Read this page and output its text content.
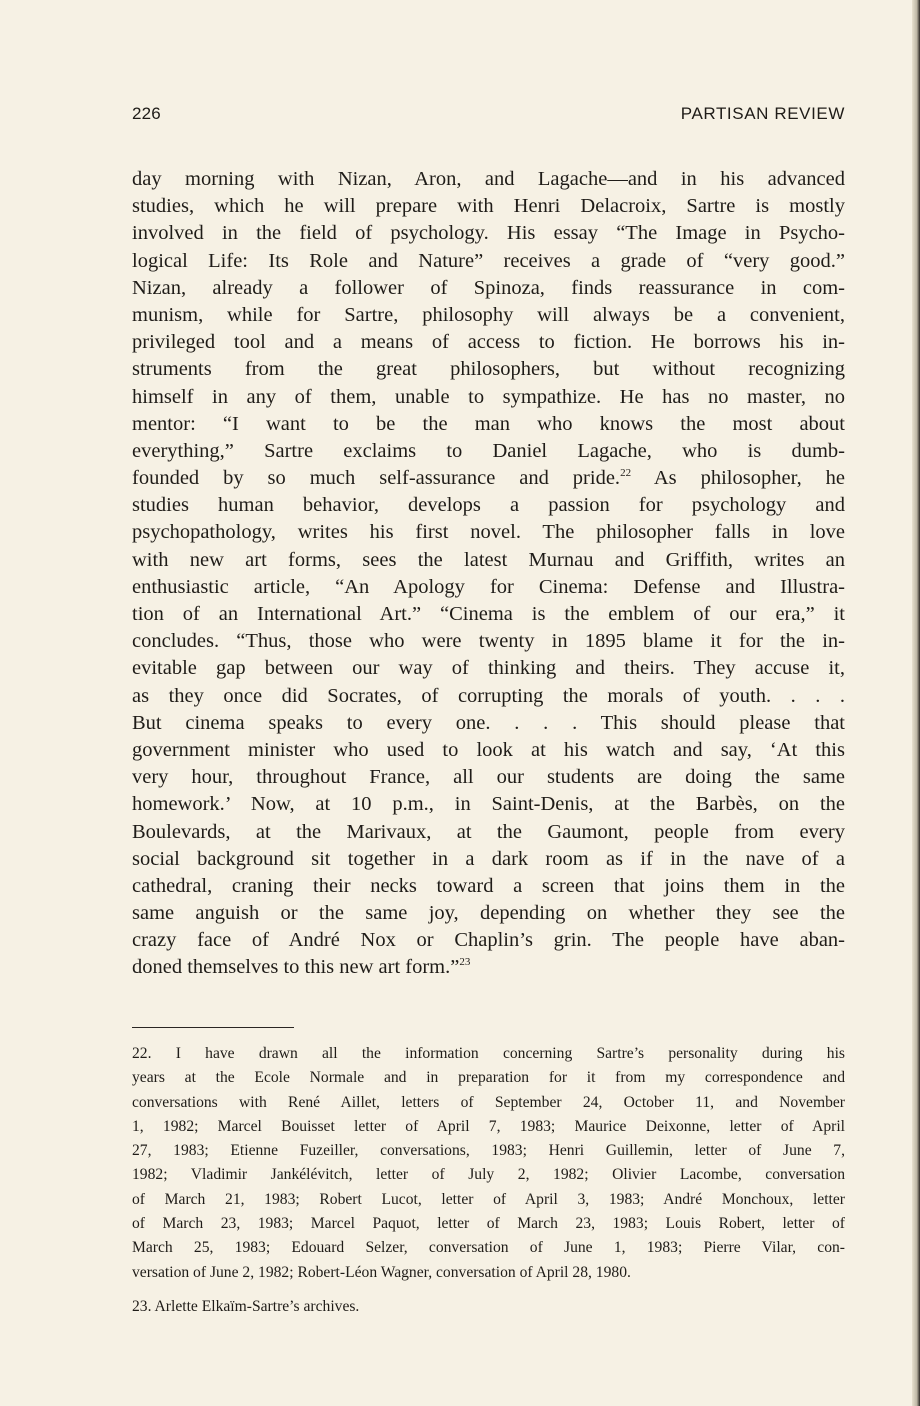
226	PARTISAN REVIEW
day morning with Nizan, Aron, and Lagache—and in his advanced
studies, which he will prepare with Henri Delacroix, Sartre is mostly
involved in the field of psychology. His essay “The Image in Psycho-
logical Life: Its Role and Nature” receives a grade of “very good.”
Nizan, already a follower of Spinoza, finds reassurance in com-
munism, while for Sartre, philosophy will always be a convenient,
privileged tool and a means of access to fiction. He borrows his in-
struments from the great philosophers, but without recognizing
himself in any of them, unable to sympathize. He has no master, no
mentor: “I want to be the man who knows the most about
everything,” Sartre exclaims to Daniel Lagache, who is dumb-
founded by so much self-assurance and pride.$^{22}$ As philosopher, he
studies human behavior, develops a passion for psychology and
psychopathology, writes his first novel. The philosopher falls in love
with new art forms, sees the latest Murnau and Griffith, writes an
enthusiastic article, “An Apology for Cinema: Defense and Illustra-
tion of an International Art.” “Cinema is the emblem of our era,” it
concludes. “Thus, those who were twenty in 1895 blame it for the in-
evitable gap between our way of thinking and theirs. They accuse it,
as they once did Socrates, of corrupting the morals of youth. . . .
But cinema speaks to every one. . . . This should please that
government minister who used to look at his watch and say, ‘At this
very hour, throughout France, all our students are doing the same
homework.’ Now, at 10 p.m., in Saint-Denis, at the Barbès, on the
Boulevards, at the Marivaux, at the Gaumont, people from every
social background sit together in a dark room as if in the nave of a
cathedral, craning their necks toward a screen that joins them in the
same anguish or the same joy, depending on whether they see the
crazy face of André Nox or Chaplin’s grin. The people have aban-
doned themselves to this new art form.”$^{23}$
22. I have drawn all the information concerning Sartre’s personality during his
years at the Ecole Normale and in preparation for it from my correspondence and
conversations with René Aillet, letters of September 24, October 11, and November
1, 1982; Marcel Bouisset letter of April 7, 1983; Maurice Deixonne, letter of April
27, 1983; Etienne Fuzeiller, conversations, 1983; Henri Guillemin, letter of June 7,
1982; Vladimir Jankélévitch, letter of July 2, 1982; Olivier Lacombe, conversation
of March 21, 1983; Robert Lucot, letter of April 3, 1983; André Monchoux, letter
of March 23, 1983; Marcel Paquot, letter of March 23, 1983; Louis Robert, letter of
March 25, 1983; Edouard Selzer, conversation of June 1, 1983; Pierre Vilar, con-
versation of June 2, 1982; Robert-Léon Wagner, conversation of April 28, 1980.
23. Arlette Elkaïm-Sartre’s archives.
